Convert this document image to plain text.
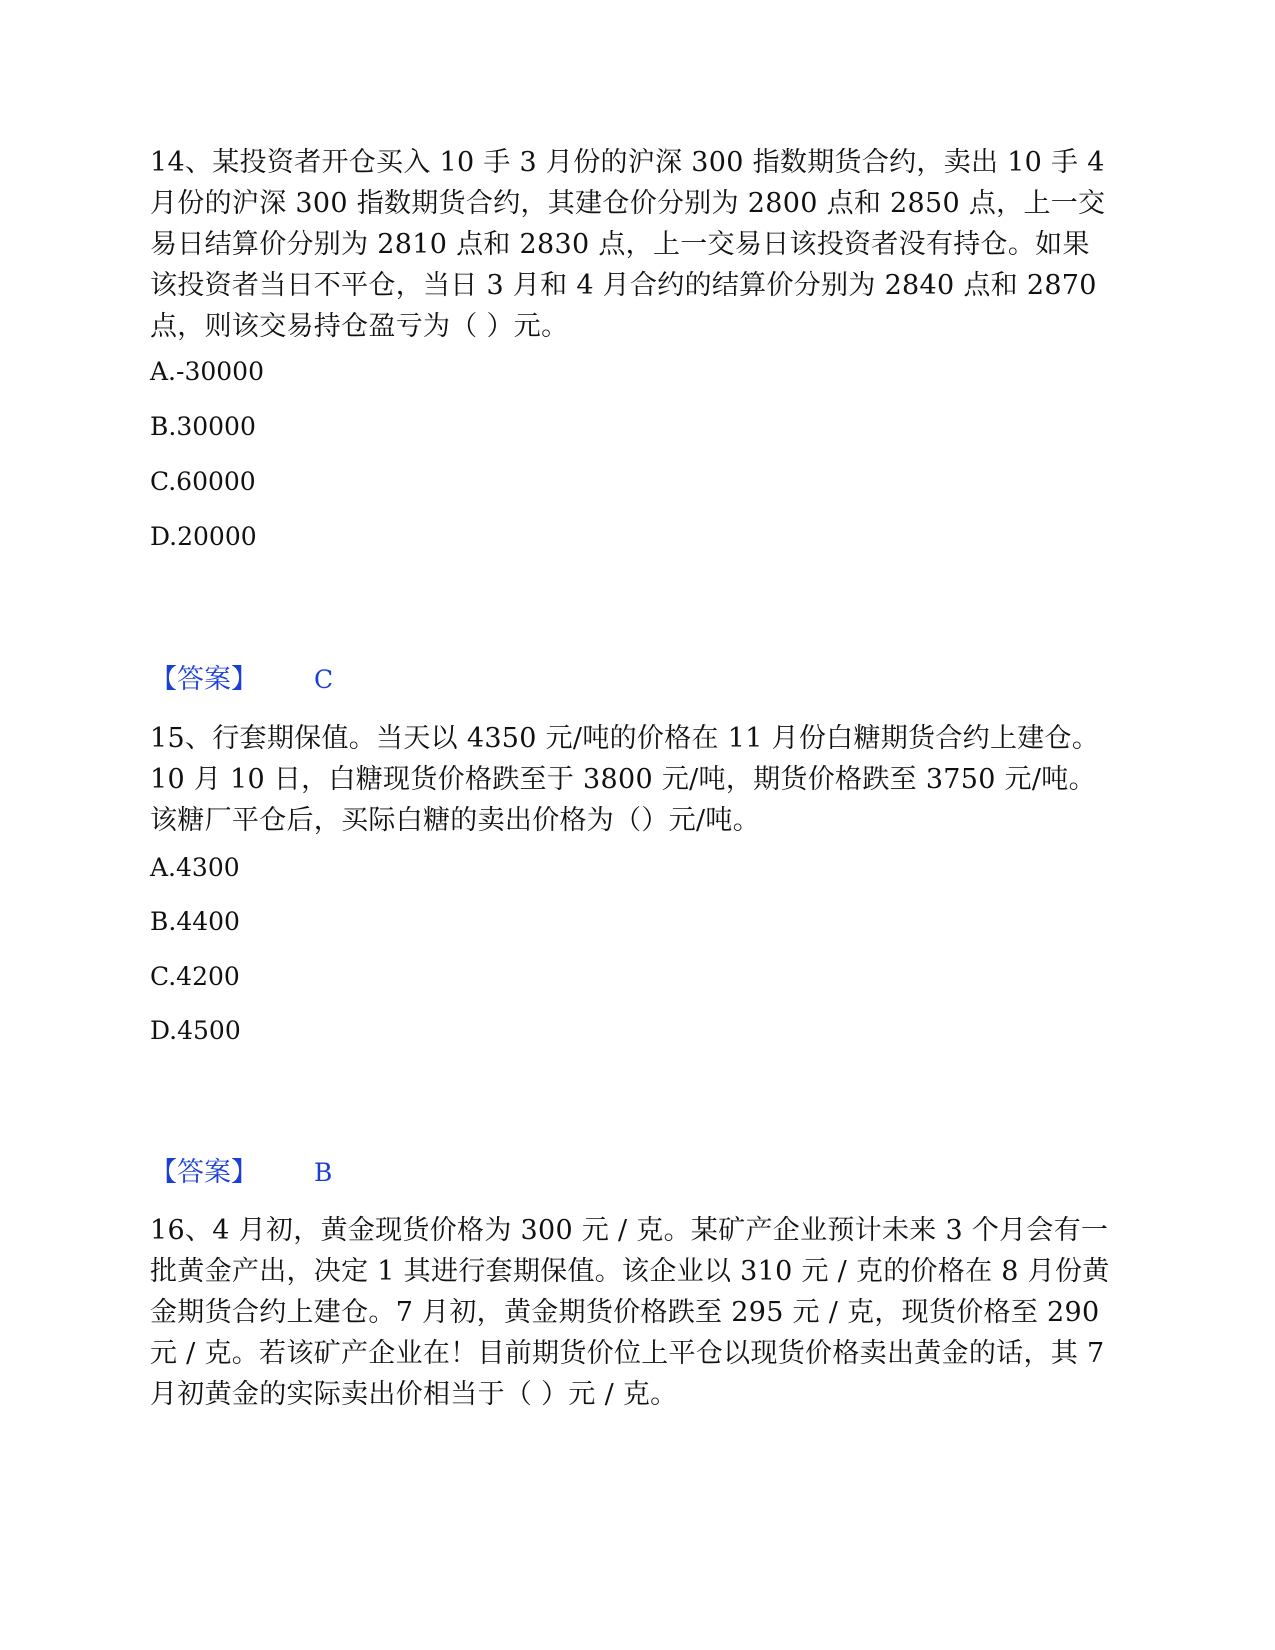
14、某投资者开仓买入 10 手 3 月份的沪深 300 指数期货合约，卖出 10 手 4 月份的沪深 300 指数期货合约，其建仓价分别为 2800 点和 2850 点，上一交易日结算价分别为 2810 点和 2830 点，上一交易日该投资者没有持仓。如果该投资者当日不平仓，当日 3 月和 4 月合约的结算价分别为 2840 点和 2870 点，则该交易持仓盈亏为（ ）元。

A.-30000

B.30000

C.60000

D.20000

【答案】 C

15、行套期保值。当天以 4350 元/吨的价格在 11 月份白糖期货合约上建仓。10 月 10 日，白糖现货价格跌至于 3800 元/吨，期货价格跌至 3750 元/吨。该糖厂平仓后，买际白糖的卖出价格为（）元/吨。

A.4300

B.4400

C.4200

D.4500

【答案】 B

16、4 月初，黄金现货价格为 300 元 / 克。某矿产企业预计未来 3 个月会有一批黄金产出，决定 1 其进行套期保值。该企业以 310 元 / 克的价格在 8 月份黄金期货合约上建仓。7 月初，黄金期货价格跌至 295 元 / 克，现货价格至 290 元 / 克。若该矿产企业在！目前期货价位上平仓以现货价格卖出黄金的话，其 7 月初黄金的实际卖出价相当于（ ）元 / 克。
